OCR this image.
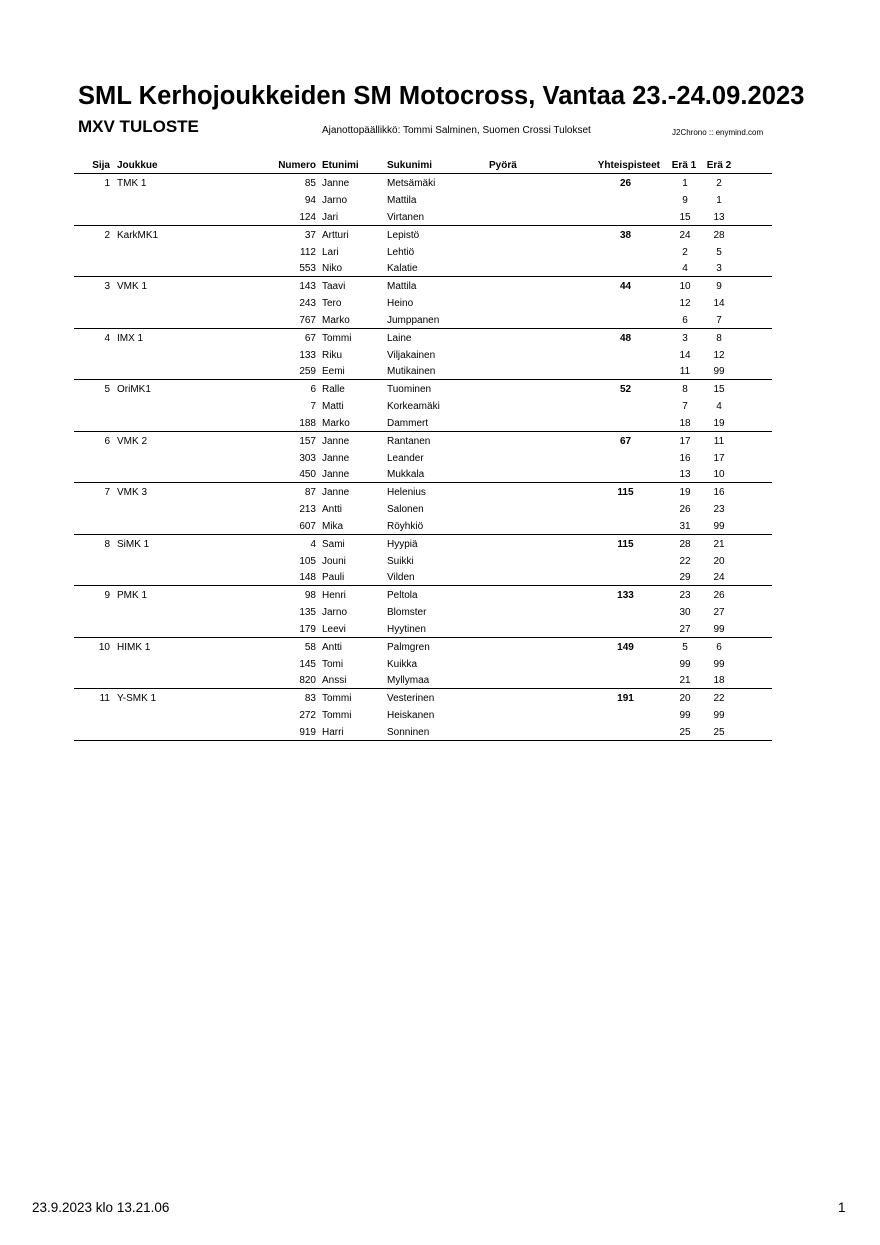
SML Kerhojoukkeiden SM Motocross, Vantaa 23.-24.09.2023
MXV TULOSTE	Ajanottopäällikkö: Tommi Salminen, Suomen Crossi Tulokset	J2Chrono :: enymind.com
Sija Joukkue	Numero Etunimi	Sukunimi	Pyörä	Yhteispisteet Erä 1 Erä 2
1 TMK 1	85 Janne	Metsämäki	26	1	2
94 Jarno	Mattila	9	1
124 Jari	Virtanen	15	13
2 KarkMK1	37 Artturi	Lepistö	38	24	28
112 Lari	Lehtiö	2	5
553 Niko	Kalatie	4	3
3 VMK 1	143 Taavi	Mattila	44	10	9
243 Tero	Heino	12	14
767 Marko	Jumppanen	6	7
4 IMX 1	67 Tommi	Laine	48	3	8
133 Riku	Viljakainen	14	12
259 Eemi	Mutikainen	11	99
5 OriMK1	6 Ralle	Tuominen	52	8	15
7 Matti	Korkeamäki	7	4
188 Marko	Dammert	18	19
6 VMK 2	157 Janne	Rantanen	67	17	11
303 Janne	Leander	16	17
450 Janne	Mukkala	13	10
7 VMK 3	87 Janne	Helenius	115	19	16
213 Antti	Salonen	26	23
607 Mika	Röyhkiö	31	99
8 SiMK 1	4 Sami	Hyypiä	115	28	21
105 Jouni	Suikki	22	20
148 Pauli	Vilden	29	24
9 PMK 1	98 Henri	Peltola	133	23	26
135 Jarno	Blomster	30	27
179 Leevi	Hyytinen	27	99
10 HIMK 1	58 Antti	Palmgren	149	5	6
145 Tomi	Kuikka	99	99
820 Anssi	Myllymaa	21	18
11 Y-SMK 1	83 Tommi	Vesterinen	191	20	22
272 Tommi	Heiskanen	99	99
919 Harri	Sonninen	25	25
23.9.2023 klo 13.21.06	1
